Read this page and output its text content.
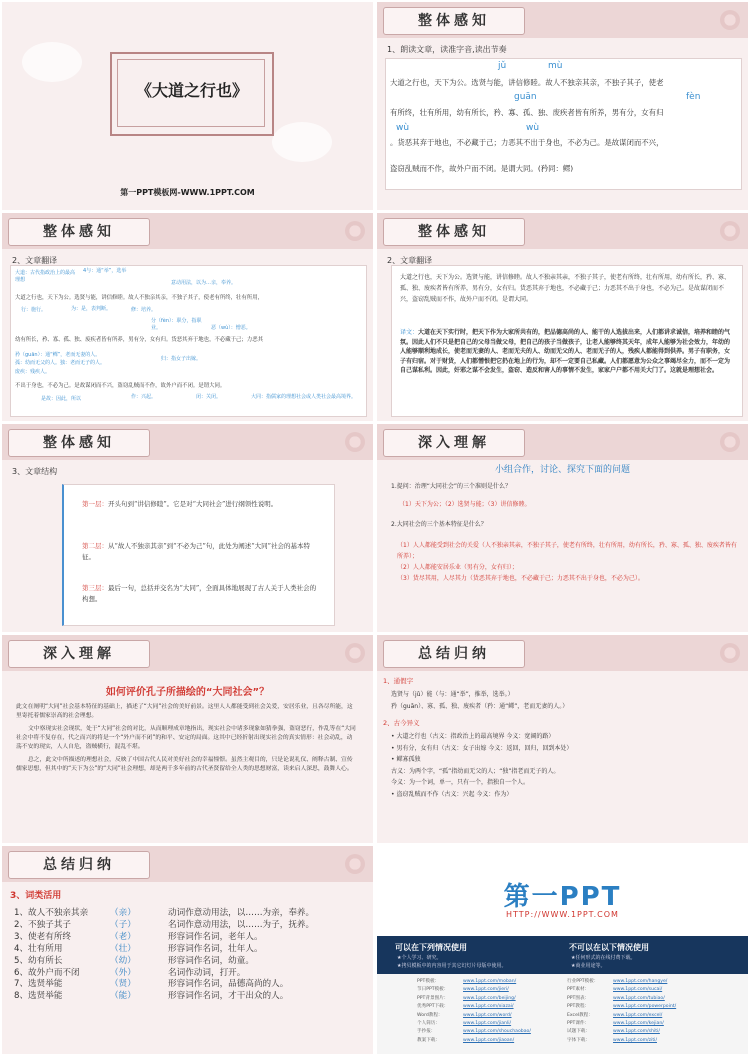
《大道之行也》
第一PPT模板网-WWW.1PPT.COM
整体感知
1、朗读文章，读准字音,读出节奏
jǔ	mù
大道之行也，天下为公。选贤与能，讲信修睦。故人不独亲其亲，不独子其子，使老
guān	fèn
有所终，壮有所用，幼有所长，矜、寡、孤、独、废疾者皆有所养，男有分，女有归
wù	wù
。货恶其弃于地也，不必藏于己；力恶其不出于身也，不必为己。是故谋闭而不兴，
盗窃乱贼而不作，故外户而不闭。是谓大同。(矜同：鳏)
整体感知
2、文章翻译
大道：古代指政治上的最高理想
4与：通“举”，选举
意动用法，以为…亲，奉养。
大道之行也，天下为公。选贤与能，讲信修睦。故人不独亲其亲，不独子其子，使老有所终，壮有所用，
行：施行。	为：是，表判断。	修：培养。
分（fèn）：职分，指职业。	恶（wù）：憎恶。
幼有所长，矜、寡、孤、独、废疾者皆有所养，男有分，女有归。货恶其弃于地也，不必藏于己；力恶其
矜（guān）：通“鳏”，老而无妻的人。
孤：幼而无父的人。独：老而无子的人。
归：指女子出嫁。
废疾：残疾人。
不出于身也，不必为己。是故谋闭而不兴，盗窃乱贼而不作，故外户而不闭。是谓大同。
是故：因此，所以	作：兴起。	闭：关闭。	大同：指儒家的理想社会或人类社会最高境界。
整体感知
2、文章翻译
大道之行也，天下为公。选贤与能，讲信修睦。故人不独亲其亲，不独子其子，使老有所终，壮有所用，幼有所长，矜、寡、孤、独、废疾者皆有所养，男有分，女有归。货恶其弃于地也，不必藏于己；力恶其不出于身也，不必为己。是故谋闭而不兴，盗窃乱贼而不作，故外户而不闭。是谓大同。
译文：大道在天下实行时，把天下作为大家所共有的，把品德高尚的人、能干的人选拔出来，人们都讲求诚信，培养和睦的气氛。因此人们不只是把自己的父母当做父母，把自己的孩子当做孩子，让老人能够终其天年，成年人能够为社会效力，年幼的人能够顺利地成长，使老而无妻的人、老而无夫的人、幼而无父的人、老而无子的人，残疾人都能得到供养。男子有职务，女子有归宿。对于财货，人们都憎恨把它扔在地上的行为，却不一定要自己私藏。人们都愿意为公众之事竭尽全力，而不一定为自己谋私利。因此，奸邪之谋不会发生，盗窃、造反和害人的事情不发生，家家户户都不用关大门了。这就是理想社会。
整体感知
3、文章结构
第一层：开头句到“讲信修睦”。它是对“大同社会”进行纲领性说明。
第二层：从“故人不独亲其亲”到“不必为己”句，此处为阐述“大同”社会的基本特征。
第三层：最后一句，总括并交名为“大同”，全面具体地展现了古人关于人类社会的构想。
深入理解
小组合作，讨论、探究下面的问题
1.提问：治理“大同社会”的三个准则是什么？
（1）天下为公；（2）选贤与能；（3）讲信修睦。
2.大同社会的三个基本特征是什么？
（1）人人都能受到社会的关爱（人不独亲其亲，不独子其子，使老有所终，壮有所用，幼有所长，矜、寡、孤、独、废疾者皆有所养）；
（2）人人都能安居乐业（男有分，女有归）；
（3）货尽其用，人尽其力（货恶其弃于地也，不必藏于己；力恶其不出于身也，不必为己）。
深入理解
如何评价孔子所描绘的“大同社会”？

此文在阐明“大同”社会基本特征的基础上，描述了“大同”社会的美好前景。这里人人都能受到社会关爱，安居乐业，且各尽所能，这里寄托着儒家崇高的社会理想。

文中察现实社会现状，处于“大同”社会的对比，从而顺理成章地指出，现实社会中诸多现象如猜拳强，盗窃恶行，作乱等在“大同社会中将不复存在，代之而兴的将是一个“外户而不闭”的和平、安定的局面。这其中已经折射出现实社会的真实情形：社会动乱，动荡不安的现实，人人自危，盗贼横行，混乱不堪。

总之，此文中所描述的理想社会，反映了中国古代人民对美好社会的幸福憧憬。虽然主观目的，只是论说礼仪、阐释古制、宣传儒家思想，但其中的“天下为公”的“大同”社会理想，却是两千多年前的古代圣贤留给全人类的思想财富，读来启人深思，鼓舞人心。

总结归纳
1、通假字
选贤与（jǔ）能（与：通“举”，推举，选举。）
矜（guān）、寡、孤、独、废疾者（矜：通“鳏”，老而无妻的人。）
2、古今异义
• 大道之行也（古义：指政治上的最高境界 今义：宽阔的路）
• 男有分，女有归（古义：女子出嫁 今义：返回，回归，回到本处）
• 鳏寡孤独
古义：为两个字，“孤”指幼而无父的人；“独”指老而无子的人。
今义：为一个词，单一，只有一个，指独自一个人。
• 盗窃乱贼而不作（古义：兴起 今义：作为）
总结归纳
3、词类活用
1、故人不独亲其亲	（亲）	动词作意动用法，以……为亲，奉养。
2、不独子其子	（子）	名词作意动用法，以……为子，抚养。
3、使老有所终	（老）	形容词作名词，老年人。
4、壮有所用	（壮）	形容词作名词，壮年人。
5、幼有所长	（幼）	形容词作名词，幼童。
6、故外户而不闭	（外）	名词作动词，打开。
7、选贤举能	（贤）	形容词作名词，品德高尚的人。
8、选贤举能	（能）	形容词作名词，才干出众的人。
第一PPT
HTTP://WWW.1PPT.COM
可以在下列情况使用
★个人学习、研究。
★拷贝模板中的内容用于其它幻灯片母版中使用。
不可以在以下情况使用
★任何形式的在线付费下载。
★商业用途等。
PPT模板：	www.1ppt.com/moban/
节日PPT模板：	www.1ppt.com/jieri/
PPT背景图片：	www.1ppt.com/beijing/
优秀PPT下载：	www.1ppt.com/xiazai/
Word教程：	www.1ppt.com/word/
个人简历：	www.1ppt.com/jianli/
手抄报：	www.1ppt.com/shouchaobao/
教案下载：	www.1ppt.com/jiaoan/
行业PPT模板：	www.1ppt.com/hangye/
PPT素材：	www.1ppt.com/sucai/
PPT图表：	www.1ppt.com/tubiao/
PPT教程：	www.1ppt.com/powerpoint/
Excel教程：	www.1ppt.com/excel/
PPT课件：	www.1ppt.com/kejian/
试题下载：	www.1ppt.com/shiti/
字体下载：	www.1ppt.com/ziti/
